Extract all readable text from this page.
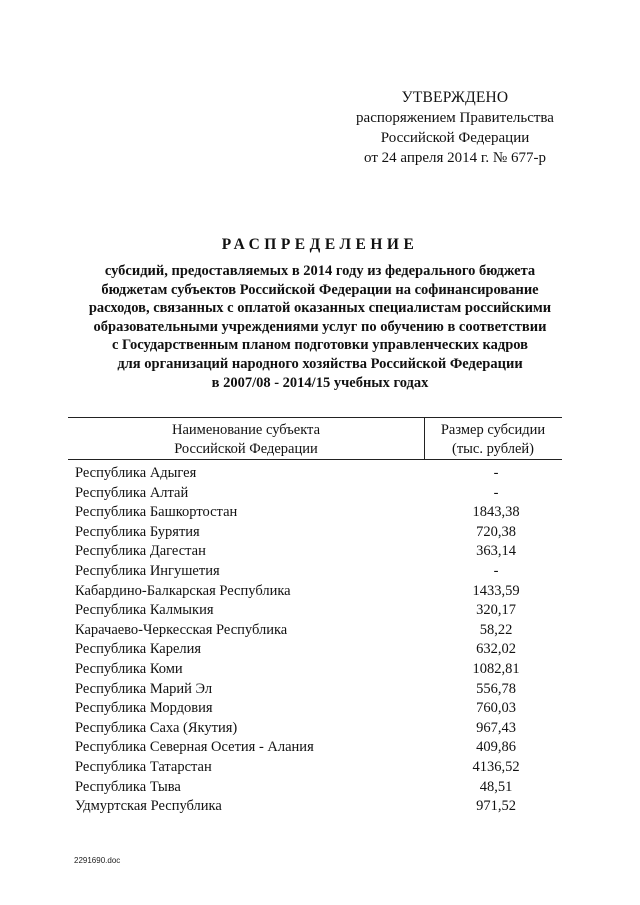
УТВЕРЖДЕНО
распоряжением Правительства
Российской Федерации
от 24 апреля 2014 г. № 677-р
РАСПРЕДЕЛЕНИЕ
субсидий, предоставляемых в 2014 году из федерального бюджета
бюджетам субъектов Российской Федерации на софинансирование
расходов, связанных с оплатой оказанных специалистам российскими
образовательными учреждениями услуг по обучению в соответствии
с Государственным планом подготовки управленческих кадров
для организаций народного хозяйства Российской Федерации
в 2007/08 - 2014/15 учебных годах
Наименование субъекта
Российской Федерации
Размер субсидии
(тыс. рублей)
Республика Адыгея	-
Республика Алтай	-
Республика Башкортостан	1843,38
Республика Бурятия	720,38
Республика Дагестан	363,14
Республика Ингушетия	-
Кабардино-Балкарская Республика	1433,59
Республика Калмыкия	320,17
Карачаево-Черкесская Республика	58,22
Республика Карелия	632,02
Республика Коми	1082,81
Республика Марий Эл	556,78
Республика Мордовия	760,03
Республика Саха (Якутия)	967,43
Республика Северная Осетия - Алания	409,86
Республика Татарстан	4136,52
Республика Тыва	48,51
Удмуртская Республика	971,52
2291690.doc
